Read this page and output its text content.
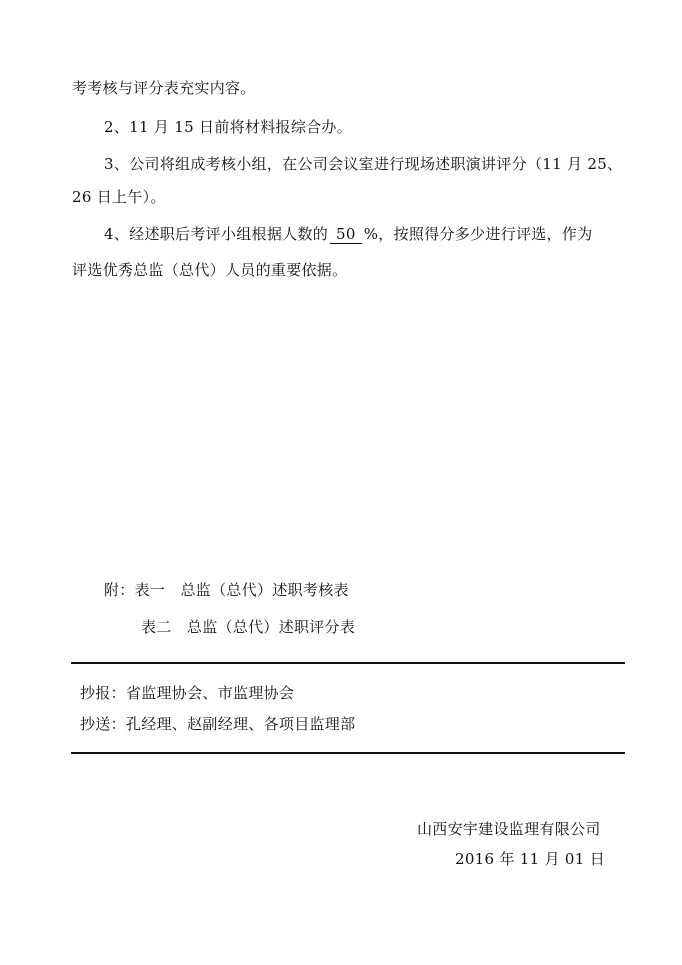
考考核与评分表充实内容。
2、11 月 15 日前将材料报综合办。
3、公司将组成考核小组，在公司会议室进行现场述职演讲评分（11 月 25、
26 日上午）。
4、经述职后考评小组根据人数的 50 %，按照得分多少进行评选，作为
评选优秀总监（总代）人员的重要依据。
附：表一　总监（总代）述职考核表
表二　总监（总代）述职评分表
抄报：省监理协会、市监理协会
抄送：孔经理、赵副经理、各项目监理部
山西安宇建设监理有限公司
2016 年 11 月 01 日
